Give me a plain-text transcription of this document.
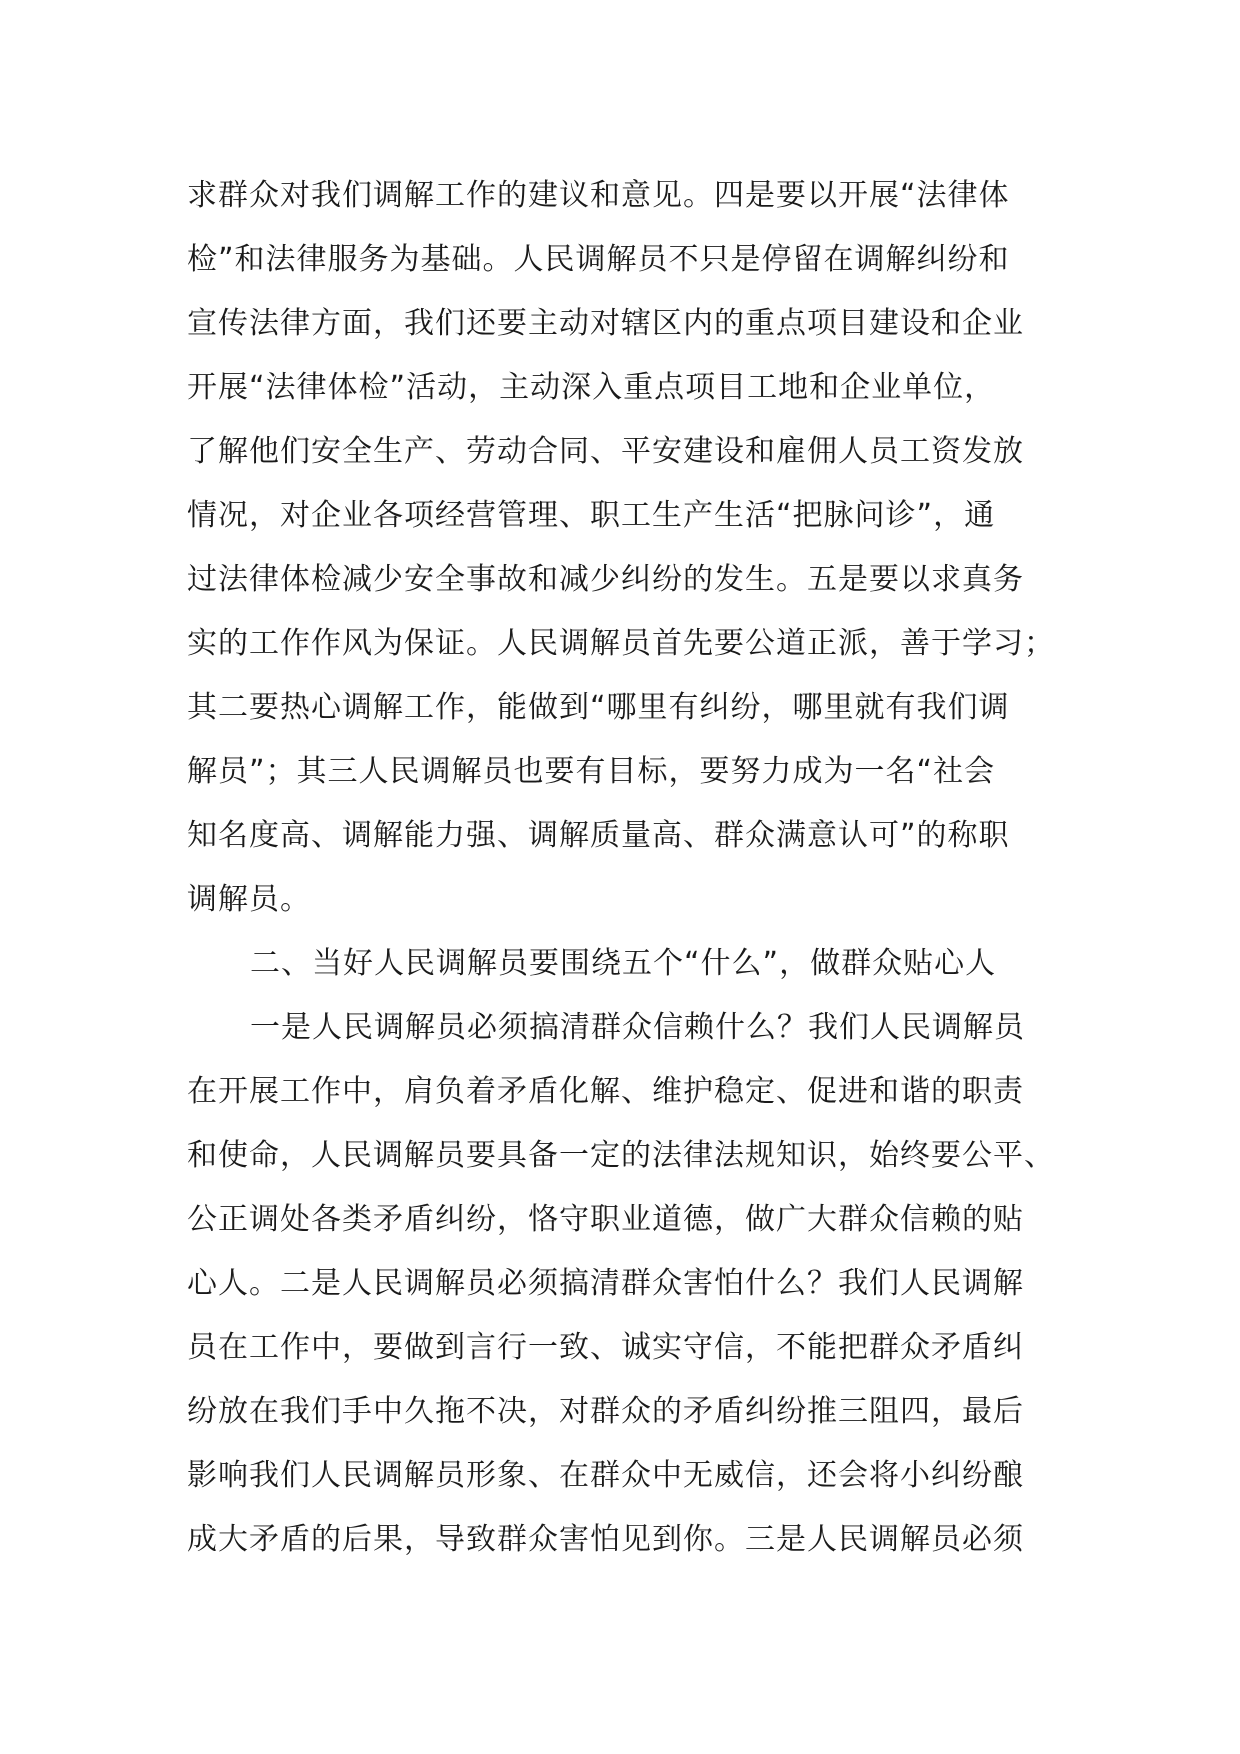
求群众对我们调解工作的建议和意见。四是要以开展“法律体
检”和法律服务为基础。人民调解员不只是停留在调解纠纷和
宣传法律方面，我们还要主动对辖区内的重点项目建设和企业
开展“法律体检”活动，主动深入重点项目工地和企业单位，
了解他们安全生产、劳动合同、平安建设和雇佣人员工资发放
情况，对企业各项经营管理、职工生产生活“把脉问诊”，通
过法律体检减少安全事故和减少纠纷的发生。五是要以求真务
实的工作作风为保证。人民调解员首先要公道正派，善于学习；
其二要热心调解工作，能做到“哪里有纠纷，哪里就有我们调
解员”；其三人民调解员也要有目标，要努力成为一名“社会
知名度高、调解能力强、调解质量高、群众满意认可”的称职
调解员。
二、当好人民调解员要围绕五个“什么”，做群众贴心人
一是人民调解员必须搞清群众信赖什么？我们人民调解员
在开展工作中，肩负着矛盾化解、维护稳定、促进和谐的职责
和使命，人民调解员要具备一定的法律法规知识，始终要公平、
公正调处各类矛盾纠纷，恪守职业道德，做广大群众信赖的贴
心人。二是人民调解员必须搞清群众害怕什么？我们人民调解
员在工作中，要做到言行一致、诚实守信，不能把群众矛盾纠
纷放在我们手中久拖不决，对群众的矛盾纠纷推三阻四，最后
影响我们人民调解员形象、在群众中无威信，还会将小纠纷酿
成大矛盾的后果，导致群众害怕见到你。三是人民调解员必须
